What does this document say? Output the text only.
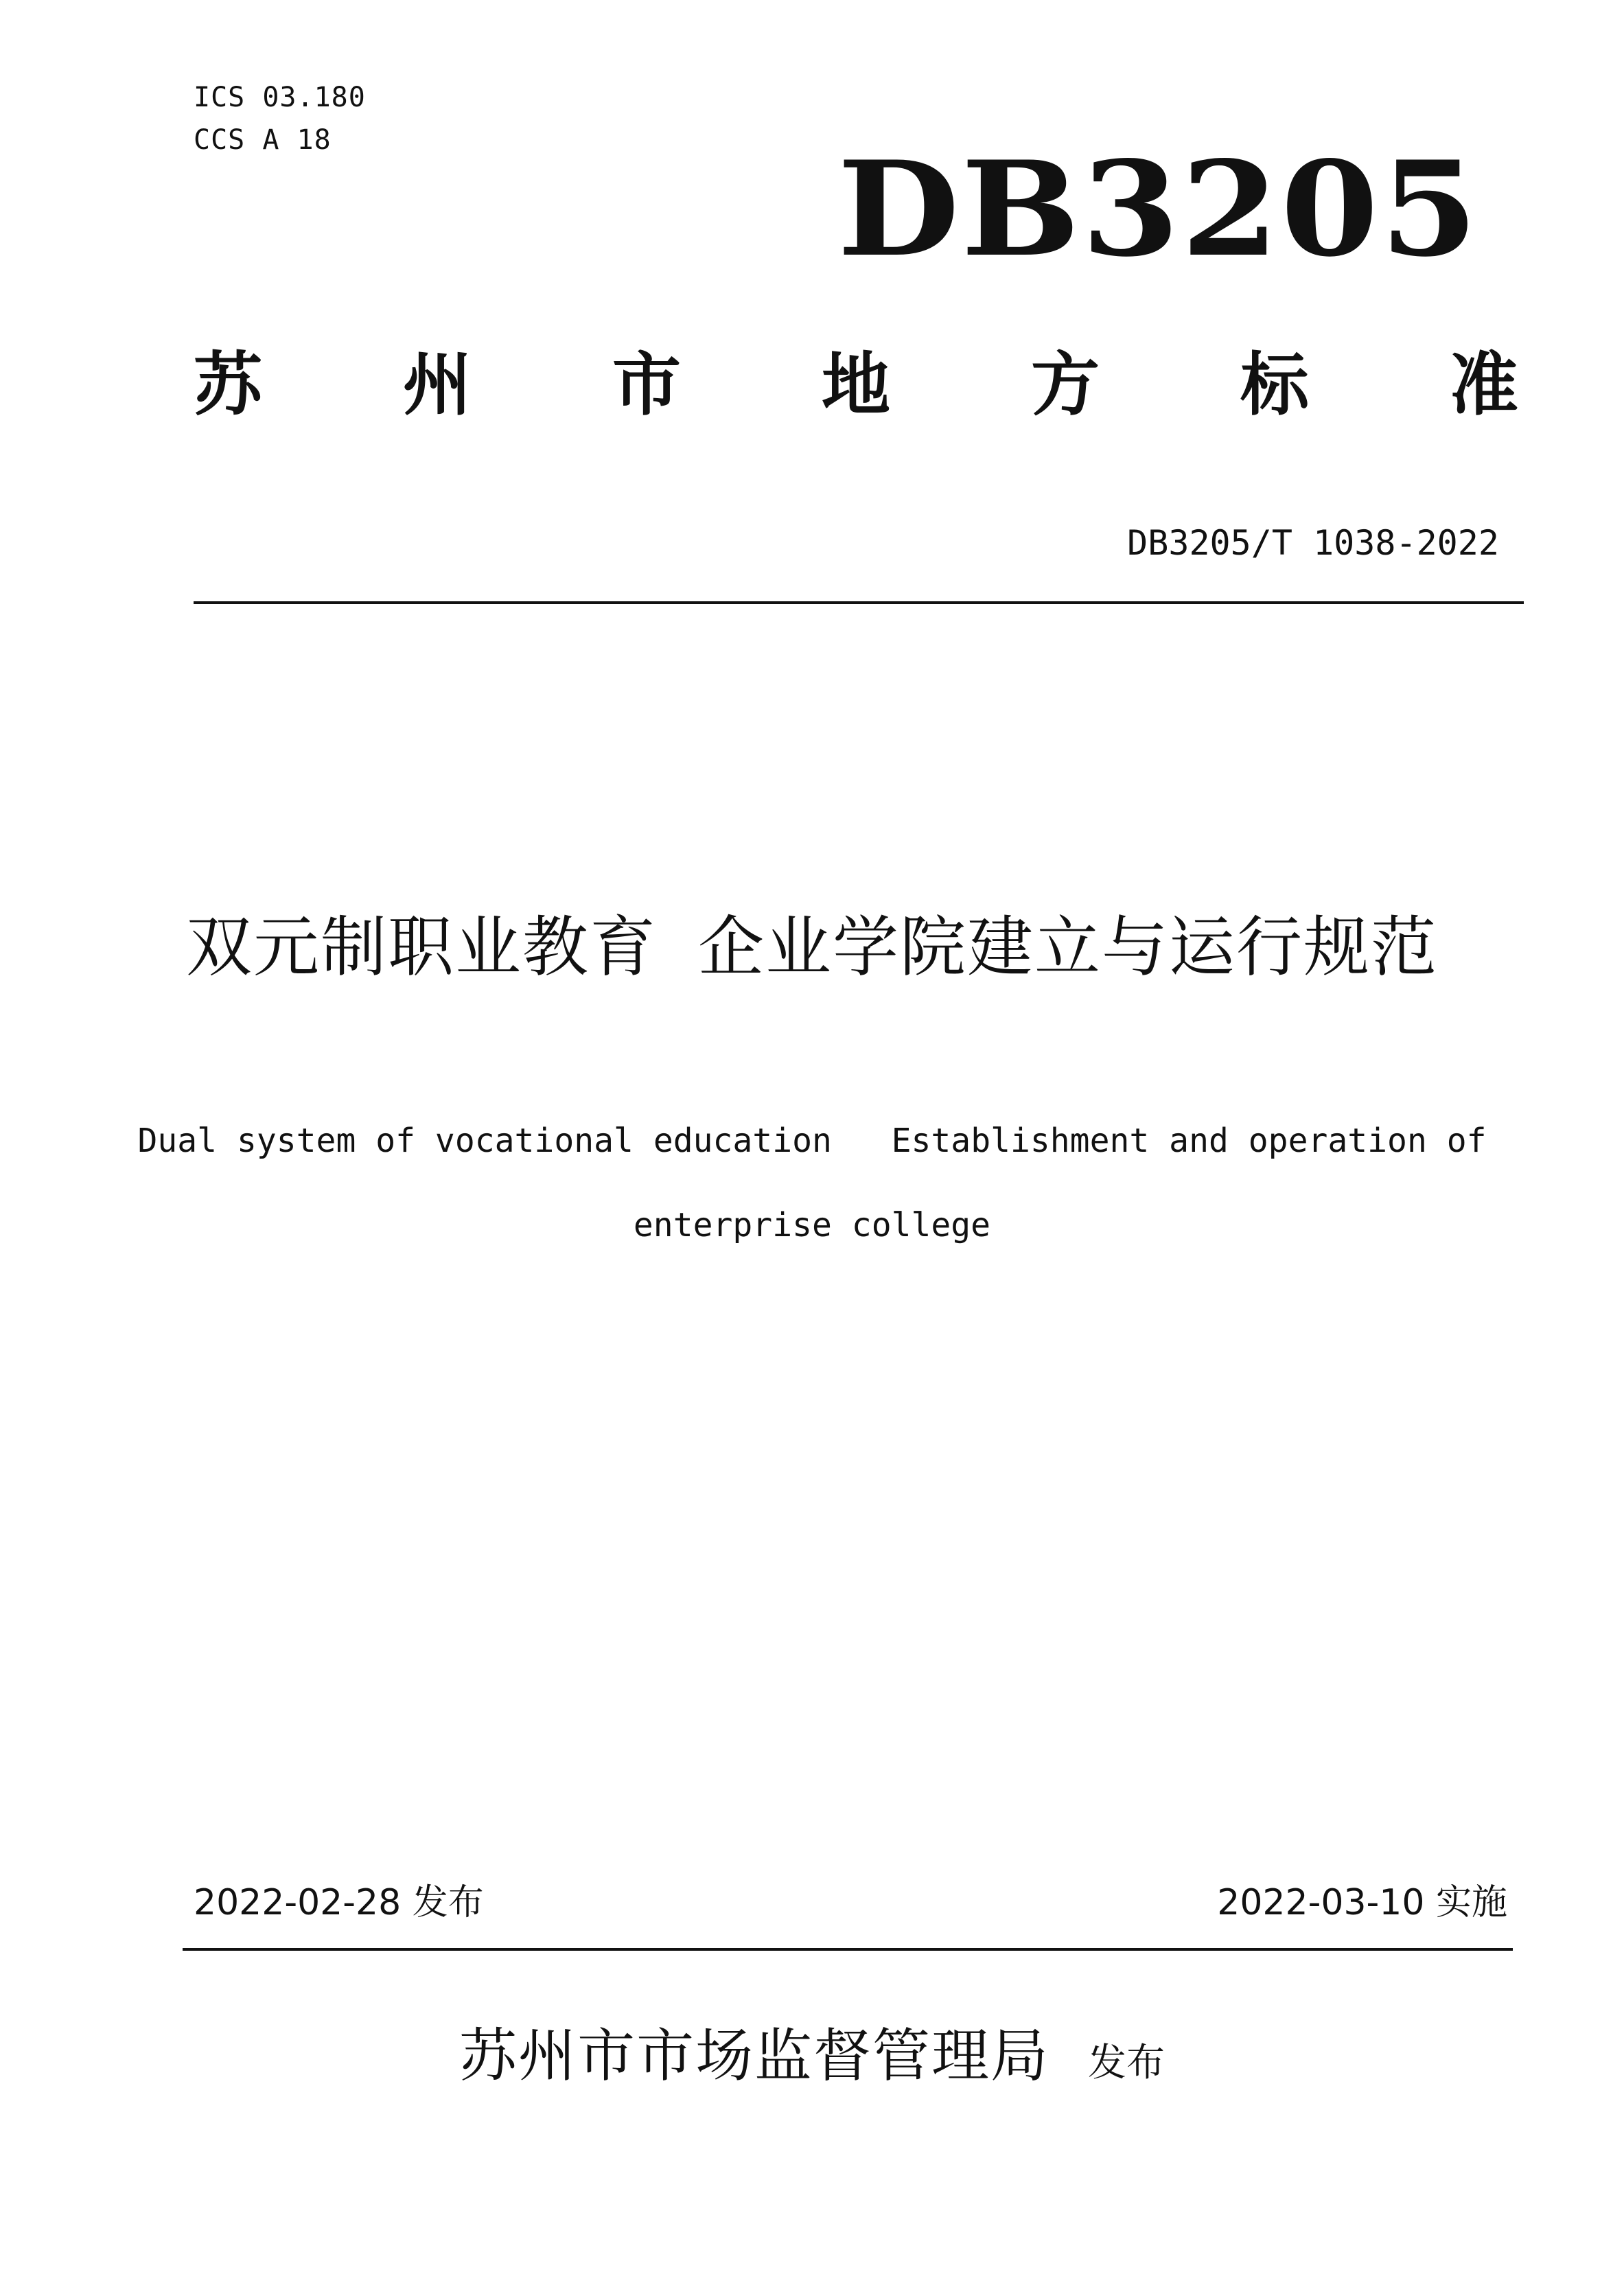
ICS 03.180
CCS A 18	DB3205
苏 州 市 地 方 标 准
DB3205/T 1038-2022
双元制职业教育 企业学院建立与运行规范
Dual system of vocational education   Establishment and operation of
enterprise college
2022-02-28 发布	2022-03-10 实施
苏州市市场监督管理局 发布
